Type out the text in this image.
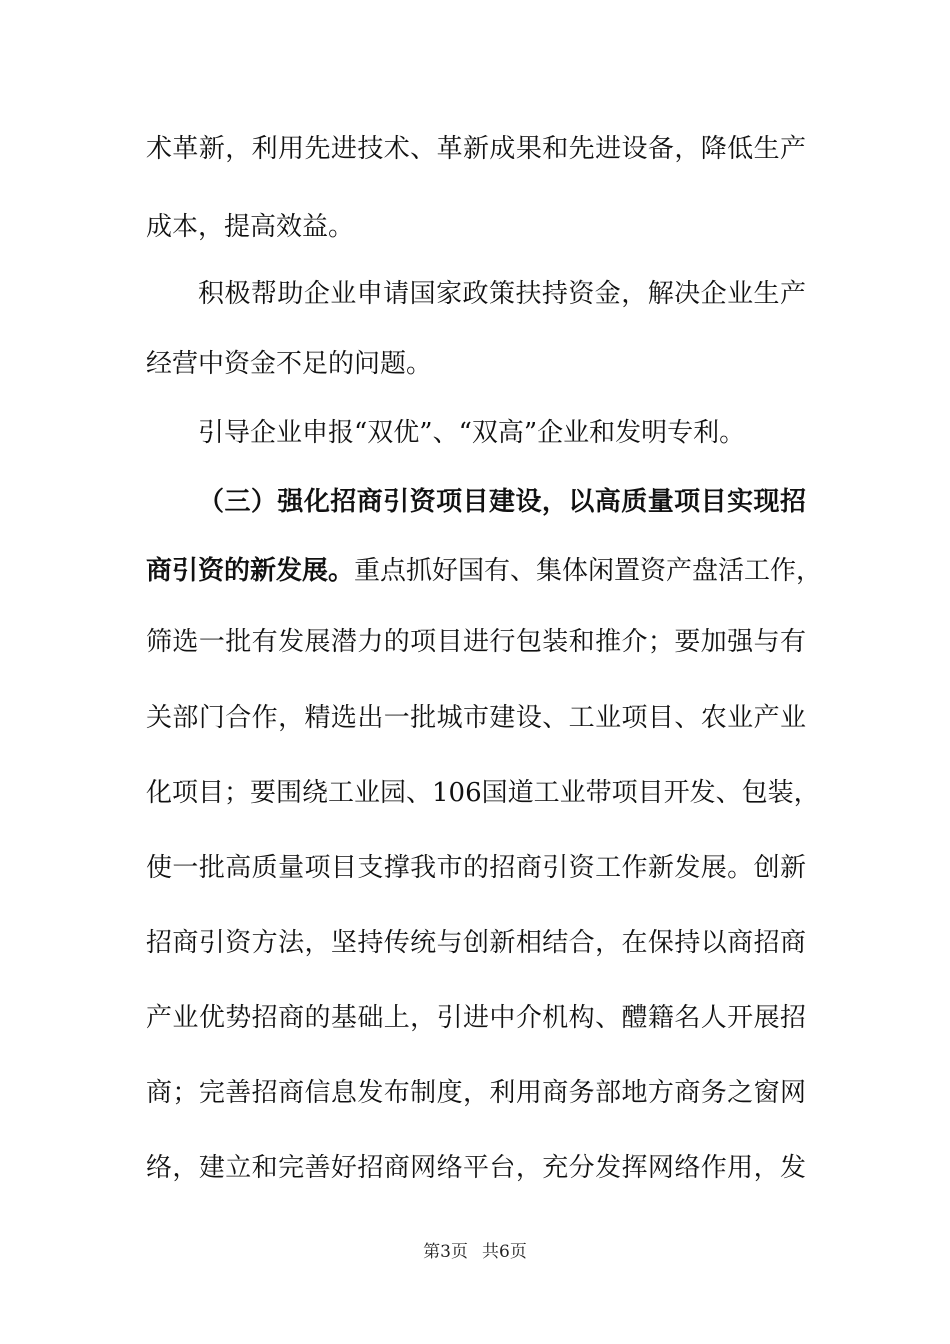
术革新，利用先进技术、革新成果和先进设备，降低生产
成本，提高效益。
积极帮助企业申请国家政策扶持资金，解决企业生产
经营中资金不足的问题。
引导企业申报“双优”、“双高”企业和发明专利。
（三）强化招商引资项目建设，以高质量项目实现招
商引资的新发展。重点抓好国有、集体闲置资产盘活工作，
筛选一批有发展潜力的项目进行包装和推介；要加强与有
关部门合作，精选出一批城市建设、工业项目、农业产业
化项目；要围绕工业园、106国道工业带项目开发、包装，
使一批高质量项目支撑我市的招商引资工作新发展。创新
招商引资方法，坚持传统与创新相结合，在保持以商招商
产业优势招商的基础上，引进中介机构、醴籍名人开展招
商；完善招商信息发布制度，利用商务部地方商务之窗网
络，建立和完善好招商网络平台，充分发挥网络作用，发
第3页 共6页
